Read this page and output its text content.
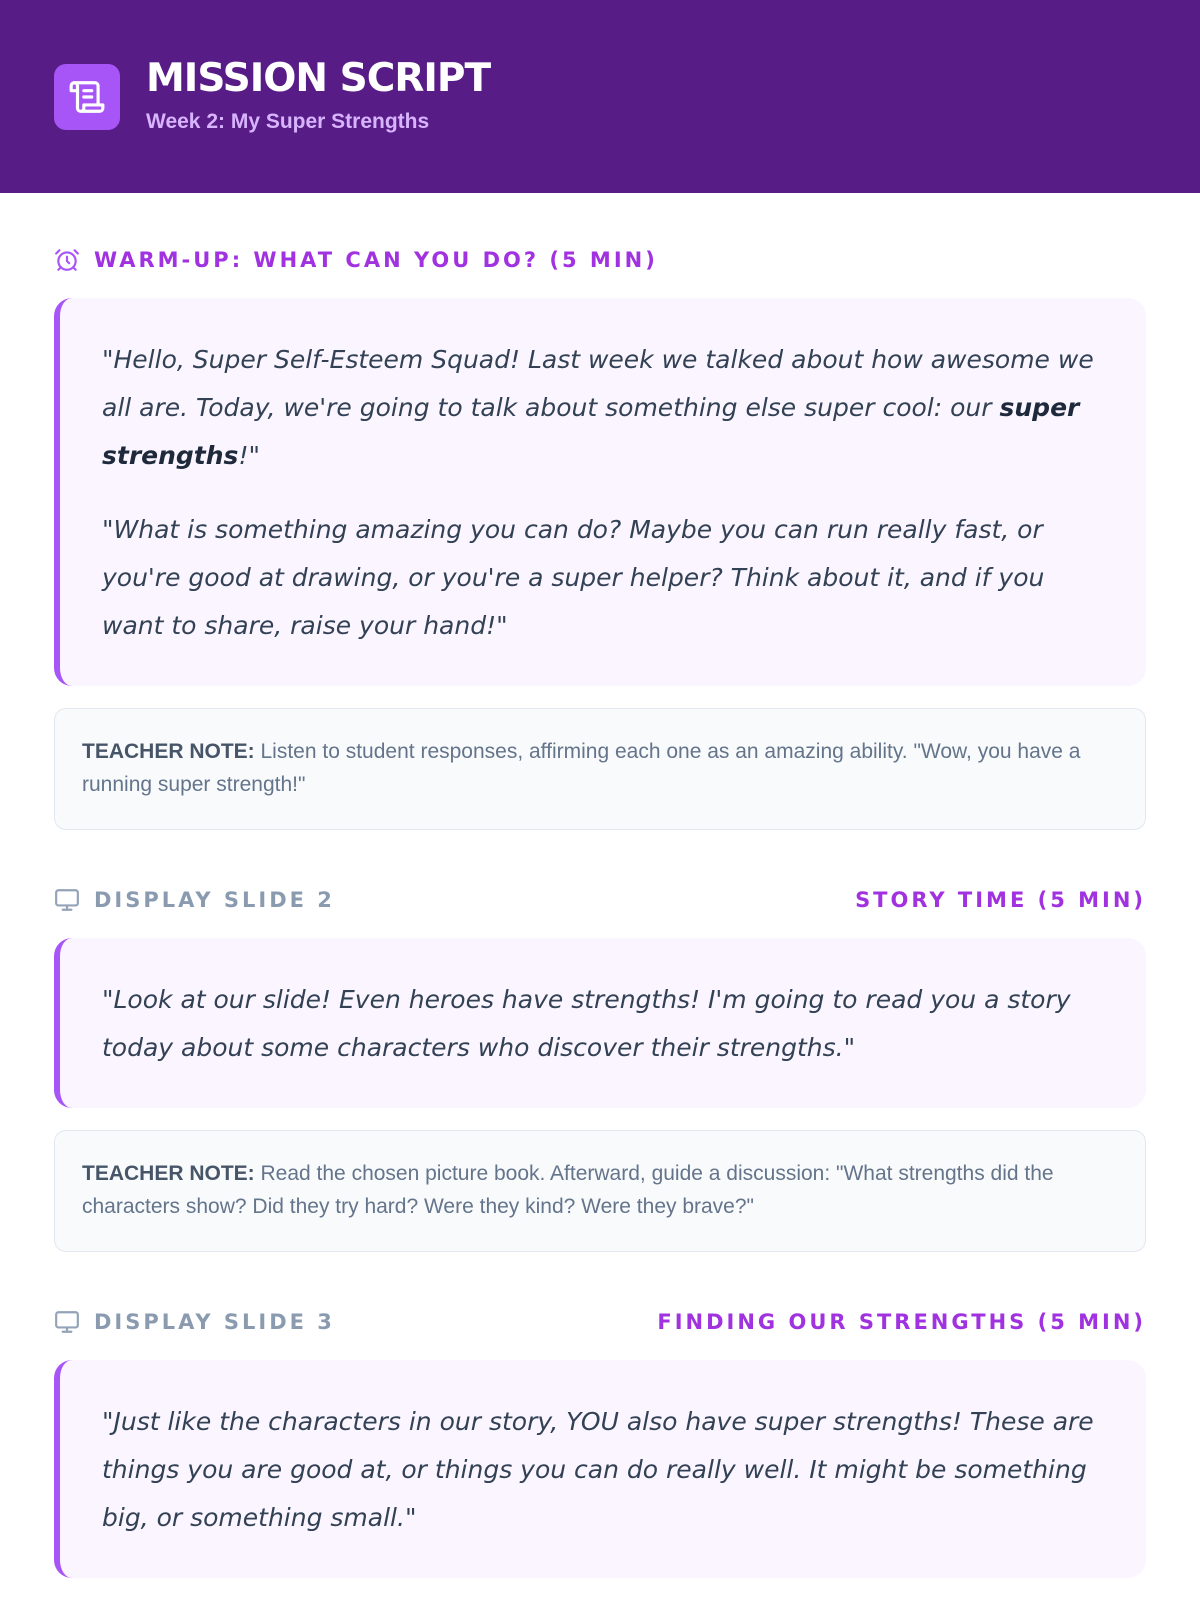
MISSION SCRIPT
Week 2: My Super Strengths
WARM-UP: WHAT CAN YOU DO? (5 MIN)

"Hello, Super Self-Esteem Squad! Last week we talked about how awesome we all are. Today, we're going to talk about something else super cool: our super strengths!"

"What is something amazing you can do? Maybe you can run really fast, or you're good at drawing, or you're a super helper? Think about it, and if you want to share, raise your hand!"

TEACHER NOTE: Listen to student responses, affirming each one as an amazing ability. "Wow, you have a running super strength!"
DISPLAY SLIDE 2	STORY TIME (5 MIN)

"Look at our slide! Even heroes have strengths! I'm going to read you a story today about some characters who discover their strengths."

TEACHER NOTE: Read the chosen picture book. Afterward, guide a discussion: "What strengths did the characters show? Did they try hard? Were they kind? Were they brave?"
DISPLAY SLIDE 3	FINDING OUR STRENGTHS (5 MIN)

"Just like the characters in our story, YOU also have super strengths! These are things you are good at, or things you can do really well. It might be something big, or something small."
